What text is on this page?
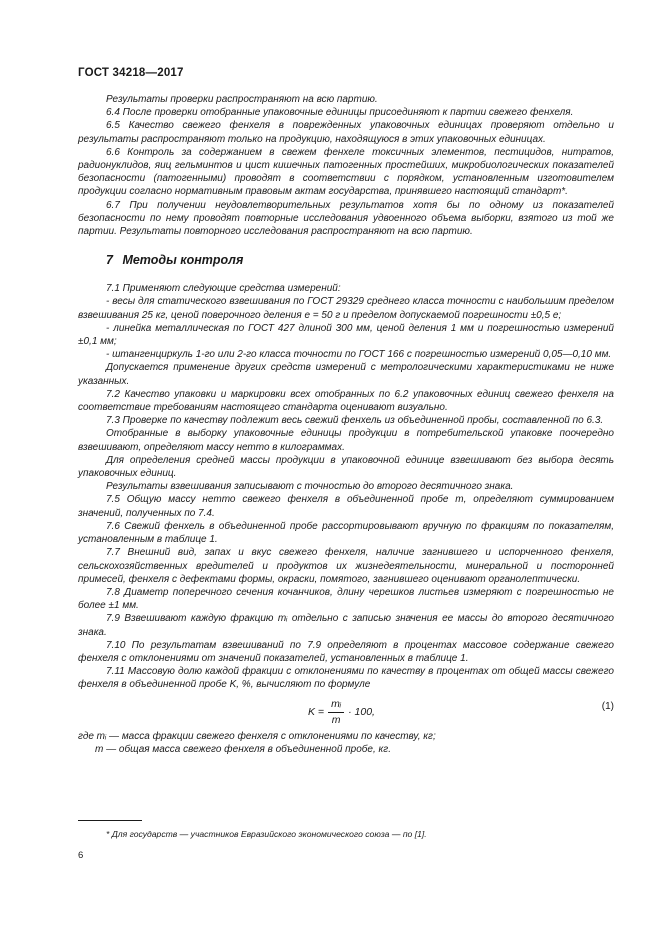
ГОСТ 34218—2017

Результаты проверки распространяют на всю партию.

6.4 После проверки отобранные упаковочные единицы присоединяют к партии свежего фенхеля.

6.5 Качество свежего фенхеля в поврежденных упаковочных единицах проверяют отдельно и результаты распространяют только на продукцию, находящуюся в этих упаковочных единицах.

6.6 Контроль за содержанием в свежем фенхеле токсичных элементов, пестицидов, нитратов, радионуклидов, яиц гельминтов и цист кишечных патогенных простейших, микробиологических показателей безопасности (патогенными) проводят в соответствии с порядком, установленным изготовителем продукции согласно нормативным правовым актам государства, принявшего настоящий стандарт*.

6.7 При получении неудовлетворительных результатов хотя бы по одному из показателей безопасности по нему проводят повторные исследования удвоенного объема выборки, взятого из той же партии. Результаты повторного исследования распространяют на всю партию.

7 Методы контроля

7.1 Применяют следующие средства измерений:

- весы для статического взвешивания по ГОСТ 29329 среднего класса точности с наибольшим пределом взвешивания 25 кг, ценой поверочного деления e = 50 г и пределом допускаемой погрешности ±0,5 e;

- линейка металлическая по ГОСТ 427 длиной 300 мм, ценой деления 1 мм и погрешностью измерений ±0,1 мм;

- штангенциркуль 1-го или 2-го класса точности по ГОСТ 166 с погрешностью измерений 0,05—0,10 мм.

Допускается применение других средств измерений с метрологическими характеристиками не ниже указанных.

7.2 Качество упаковки и маркировки всех отобранных по 6.2 упаковочных единиц свежего фенхеля на соответствие требованиям настоящего стандарта оценивают визуально.

7.3 Проверке по качеству подлежит весь свежий фенхель из объединенной пробы, составленной по 6.3.

Отобранные в выборку упаковочные единицы продукции в потребительской упаковке поочередно взвешивают, определяют массу нетто в килограммах.

Для определения средней массы продукции в упаковочной единице взвешивают без выбора десять упаковочных единиц.

Результаты взвешивания записывают с точностью до второго десятичного знака.

7.5 Общую массу нетто свежего фенхеля в объединенной пробе m, определяют суммированием значений, полученных по 7.4.

7.6 Свежий фенхель в объединенной пробе рассортировывают вручную по фракциям по показателям, установленным в таблице 1.

7.7 Внешний вид, запах и вкус свежего фенхеля, наличие загнившего и испорченного фенхеля, сельскохозяйственных вредителей и продуктов их жизнедеятельности, минеральной и посторонней примесей, фенхеля с дефектами формы, окраски, помятого, загнившего оценивают органолептически.

7.8 Диаметр поперечного сечения кочанчиков, длину черешков листьев измеряют с погрешностью не более ±1 мм.

7.9 Взвешивают каждую фракцию mᵢ отдельно с записью значения ее массы до второго десятичного знака.

7.10 По результатам взвешиваний по 7.9 определяют в процентах массовое содержание свежего фенхеля с отклонениями от значений показателей, установленных в таблице 1.

7.11 Массовую долю каждой фракции с отклонениями по качеству в процентах от общей массы свежего фенхеля в объединенной пробе K, %, вычисляют по формуле

$K = \frac{\text{mᵢ}}{m} \cdot 100$,	(1)

где mᵢ — масса фракции свежего фенхеля с отклонениями по качеству, кг;

m — общая масса свежего фенхеля в объединенной пробе, кг.

* Для государств — участников Евразийского экономического союза — по [1].
6
